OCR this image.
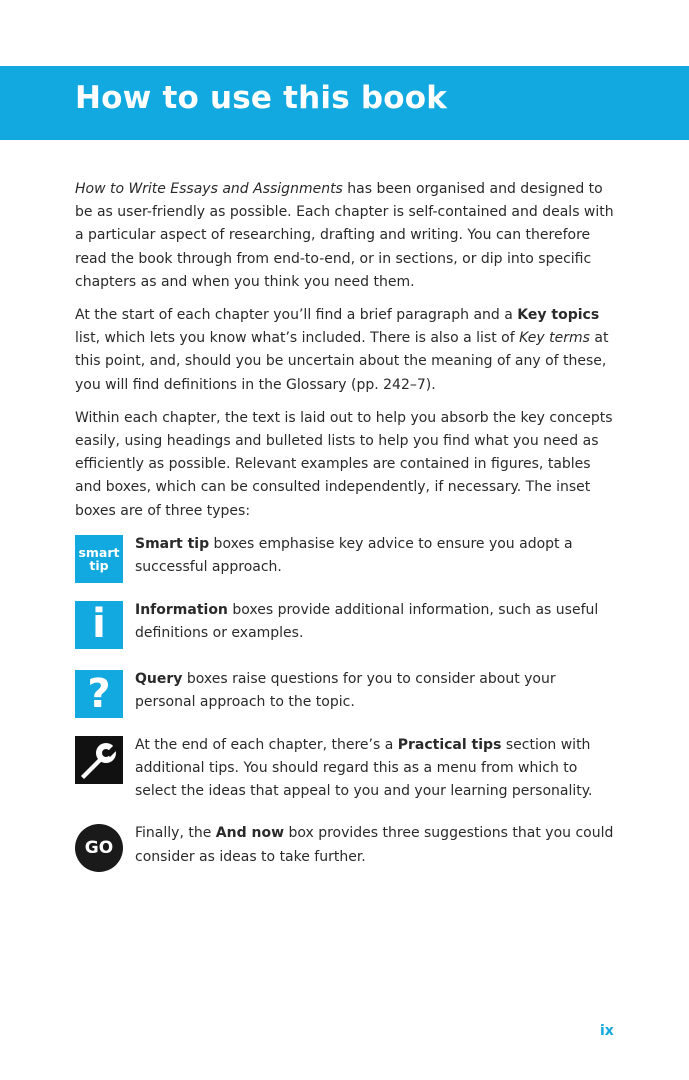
How to use this book

How to Write Essays and Assignments has been organised and designed to be as user-friendly as possible. Each chapter is self-contained and deals with a particular aspect of researching, drafting and writing. You can therefore read the book through from end-to-end, or in sections, or dip into specific chapters as and when you think you need them.

At the start of each chapter you’ll find a brief paragraph and a Key topics list, which lets you know what’s included. There is also a list of Key terms at this point, and, should you be uncertain about the meaning of any of these, you will find definitions in the Glossary (pp. 242–7).

Within each chapter, the text is laid out to help you absorb the key concepts easily, using headings and bulleted lists to help you find what you need as efficiently as possible. Relevant examples are contained in figures, tables and boxes, which can be consulted independently, if necessary. The inset boxes are of three types:

smart
tip
Smart tip boxes emphasise key advice to ensure you adopt a successful approach.
i Information boxes provide additional information, such as useful definitions or examples.
? Query boxes raise questions for you to consider about your personal approach to the topic.
At the end of each chapter, there’s a Practical tips section with additional tips. You should regard this as a menu from which to select the ideas that appeal to you and your learning personality.
GO
Finally, the And now box provides three suggestions that you could consider as ideas to take further.
ix
